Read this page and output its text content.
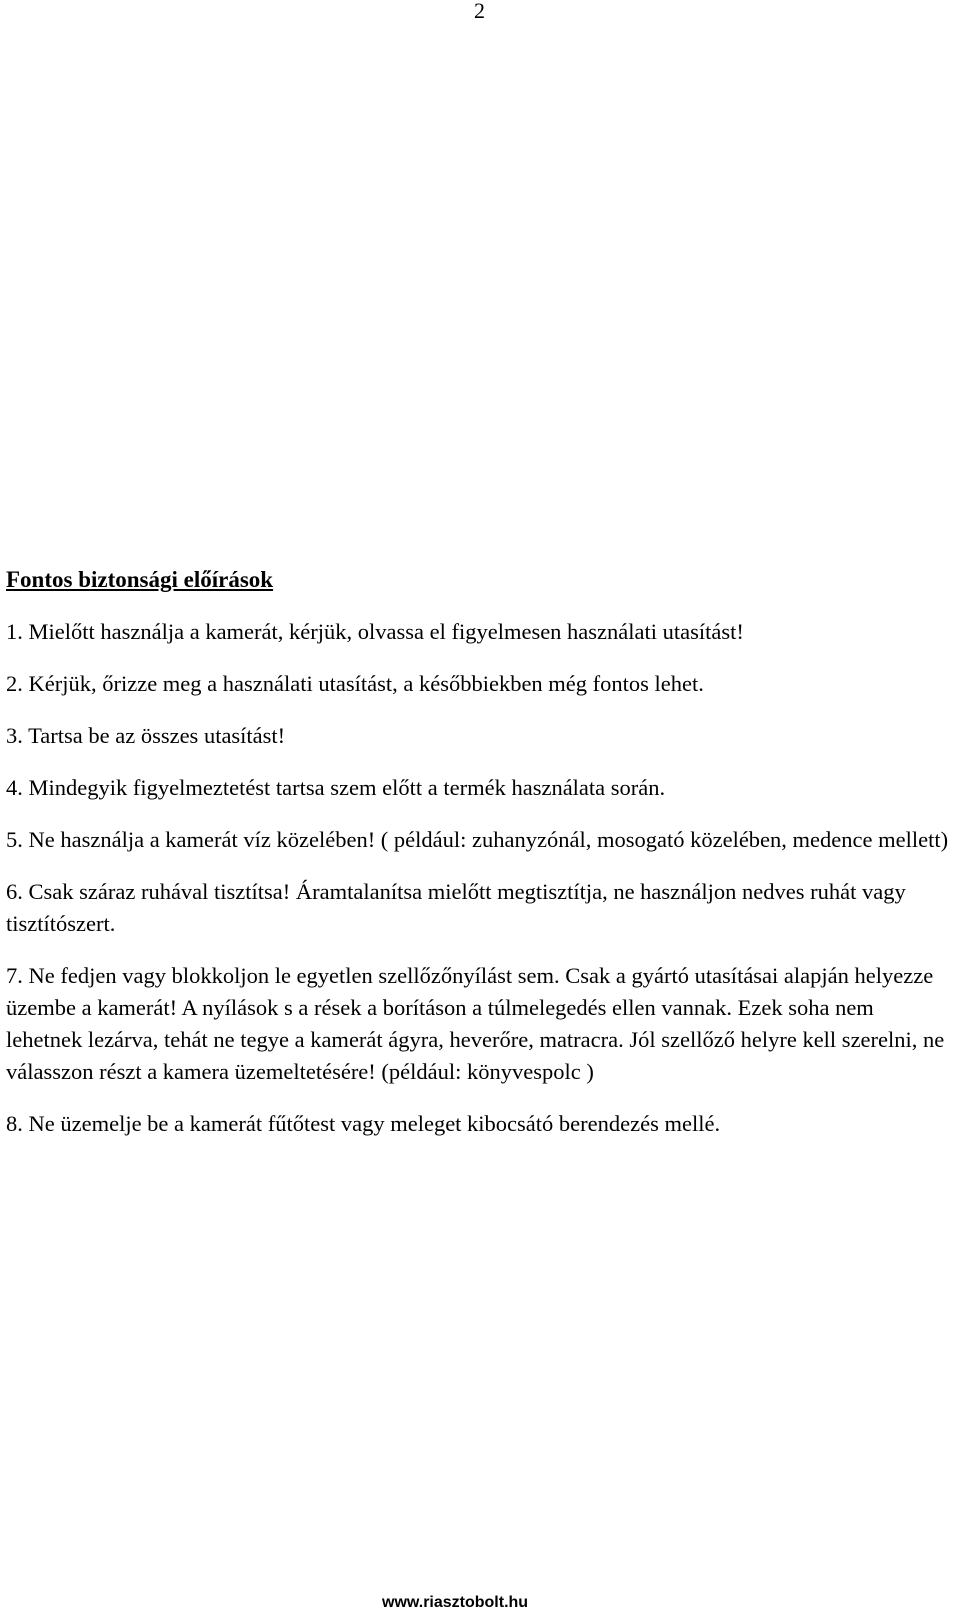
2
Fontos biztonsági előírások
1. Mielőtt használja a kamerát, kérjük, olvassa el figyelmesen használati utasítást!
2. Kérjük, őrizze meg a használati utasítást, a későbbiekben még fontos lehet.
3. Tartsa be az összes utasítást!
4. Mindegyik figyelmeztetést tartsa szem előtt a termék használata során.
5. Ne használja a kamerát víz közelében! ( például: zuhanyzónál, mosogató közelében, medence mellett)
6. Csak száraz ruhával tisztítsa! Áramtalanítsa mielőtt megtisztítja, ne használjon nedves ruhát vagy tisztítószert.
7. Ne fedjen vagy blokkoljon le egyetlen szellőzőnyílást sem. Csak a gyártó utasításai alapján helyezze üzembe a kamerát! A nyílások s a rések a borításon a túlmelegedés ellen vannak. Ezek soha nem lehetnek lezárva, tehát ne tegye a kamerát ágyra, heverőre, matracra. Jól szellőző helyre kell szerelni, ne válasszon részt a kamera üzemeltetésére! (például: könyvespolc )
8. Ne üzemelje be a kamerát fűtőtest vagy meleget kibocsátó berendezés mellé.
www.riasztobolt.hu
